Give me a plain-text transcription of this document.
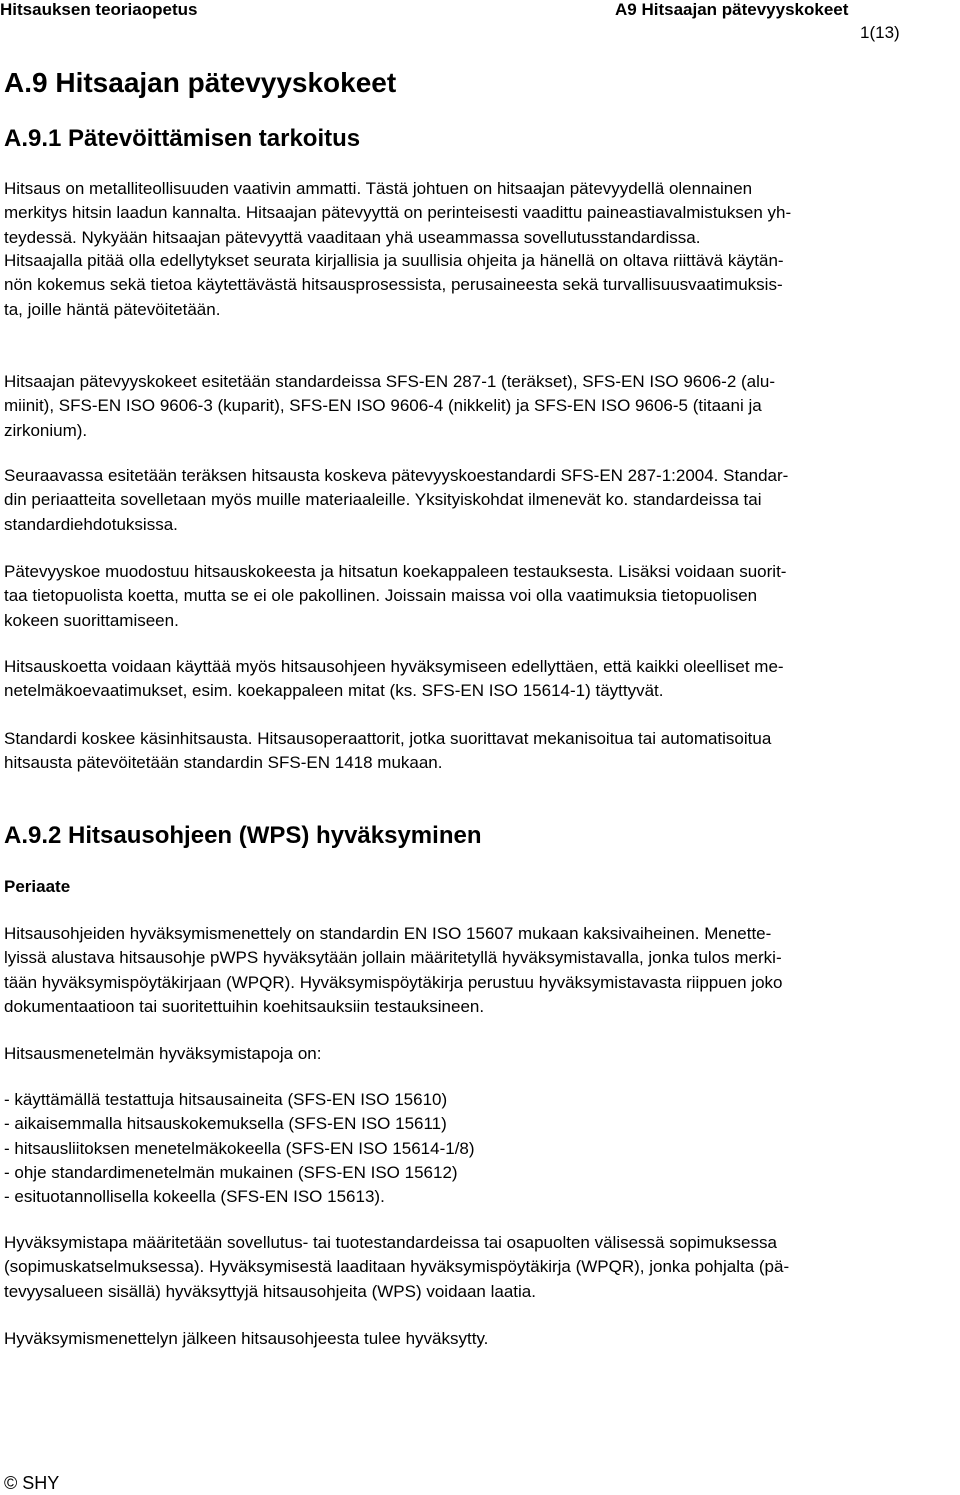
Hitsauksen teoriaopetus	A9 Hitsaajan pätevyyskokeet
1(13)
A.9 Hitsaajan pätevyyskokeet
A.9.1 Pätevöittämisen tarkoitus
Hitsaus on metalliteollisuuden vaativin ammatti. Tästä johtuen on hitsaajan pätevyydellä olennainen
merkitys hitsin laadun kannalta. Hitsaajan pätevyyttä on perinteisesti vaadittu paineastiavalmistuksen yh-
teydessä. Nykyään hitsaajan pätevyyttä vaaditaan yhä useammassa sovellutusstandardissa.
Hitsaajalla pitää olla edellytykset seurata kirjallisia ja suullisia ohjeita ja hänellä on oltava riittävä käytän-
nön kokemus sekä tietoa käytettävästä hitsausprosessista, perusaineesta sekä turvallisuusvaatimuksis-
ta, joille häntä pätevöitetään.
Hitsaajan pätevyyskokeet esitetään standardeissa SFS-EN 287-1 (teräkset), SFS-EN ISO 9606-2 (alu-
miinit), SFS-EN ISO 9606-3 (kuparit), SFS-EN ISO 9606-4 (nikkelit) ja SFS-EN ISO 9606-5 (titaani ja
zirkonium).
Seuraavassa esitetään teräksen hitsausta koskeva pätevyyskoestandardi SFS-EN 287-1:2004. Standar-
din periaatteita sovelletaan myös muille materiaaleille. Yksityiskohdat ilmenevät ko. standardeissa tai
standardiehdotuksissa.
Pätevyyskoe muodostuu hitsauskokeesta ja hitsatun koekappaleen testauksesta. Lisäksi voidaan suorit-
taa tietopuolista koetta, mutta se ei ole pakollinen. Joissain maissa voi olla vaatimuksia tietopuolisen
kokeen suorittamiseen.
Hitsauskoetta voidaan käyttää myös hitsausohjeen hyväksymiseen edellyttäen, että kaikki oleelliset me-
netelmäkoevaatimukset, esim. koekappaleen mitat (ks. SFS-EN ISO 15614-1) täyttyvät.
Standardi koskee käsinhitsausta. Hitsausoperaattorit, jotka suorittavat mekanisoitua tai automatisoitua
hitsausta pätevöitetään standardin SFS-EN 1418 mukaan.
A.9.2 Hitsausohjeen (WPS) hyväksyminen
Periaate
Hitsausohjeiden hyväksymismenettely on standardin EN ISO 15607 mukaan kaksivaiheinen. Menette-
lyissä alustava hitsausohje pWPS hyväksytään jollain määritetyllä hyväksymistavalla, jonka tulos merki-
tään hyväksymispöytäkirjaan (WPQR). Hyväksymispöytäkirja perustuu hyväksymistavasta riippuen joko
dokumentaatioon tai suoritettuihin koehitsauksiin testauksineen.
Hitsausmenetelmän hyväksymistapoja on:
- käyttämällä testattuja hitsausaineita (SFS-EN ISO 15610)
- aikaisemmalla hitsauskokemuksella (SFS-EN ISO 15611)
- hitsausliitoksen menetelmäkokeella (SFS-EN ISO 15614-1/8)
- ohje standardimenetelmän mukainen (SFS-EN ISO 15612)
- esituotannollisella kokeella (SFS-EN ISO 15613).
Hyväksymistapa määritetään sovellutus- tai tuotestandardeissa tai osapuolten välisessä sopimuksessa
(sopimuskatselmuksessa). Hyväksymisestä laaditaan hyväksymispöytäkirja (WPQR), jonka pohjalta (pä-
tevyysalueen sisällä) hyväksyttyjä hitsausohjeita (WPS) voidaan laatia.
Hyväksymismenettelyn jälkeen hitsausohjeesta tulee hyväksytty.
© SHY
